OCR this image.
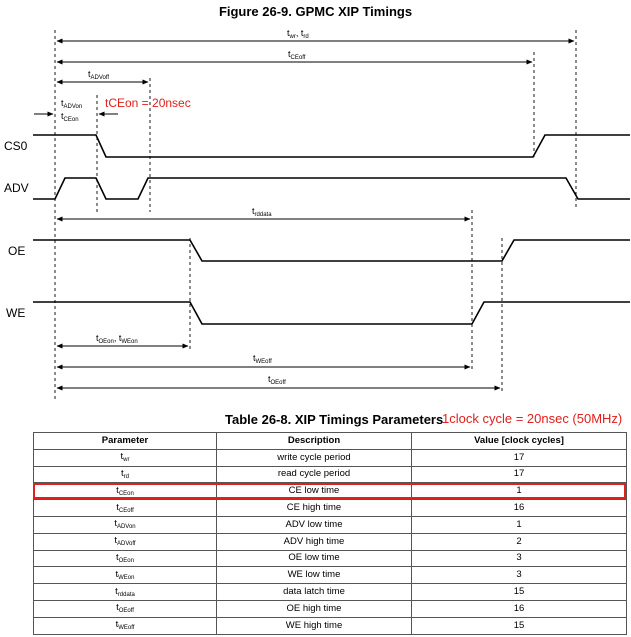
Figure 26-9. GPMC XIP Timings
CS0
ADV
OE
WE
$t_{wr}$, $t_{rd}$
$t_{CEoff}$
$t_{ADVoff}$
$t_{ADVon}$
$t_{CEon}$
$t_{rddata}$
$t_{OEon}$, $t_{WEon}$
$t_{WEoff}$
$t_{OEoff}$
tCEon = 20nsec
Table 26-8. XIP Timings Parameters
1clock cycle = 20nsec (50MHz)
Parameter	Description	Value [clock cycles]
$t_{wr}$	write cycle period	17
$t_{rd}$	read cycle period	17
$t_{CEon}$	CE low time	1
$t_{CEoff}$	CE high time	16
$t_{ADVon}$	ADV low time	1
$t_{ADVoff}$	ADV high time	2
$t_{OEon}$	OE low time	3
$t_{WEon}$	WE low time	3
$t_{rddata}$	data latch time	15
$t_{OEoff}$	OE high time	16
$t_{WEoff}$	WE high time	15
